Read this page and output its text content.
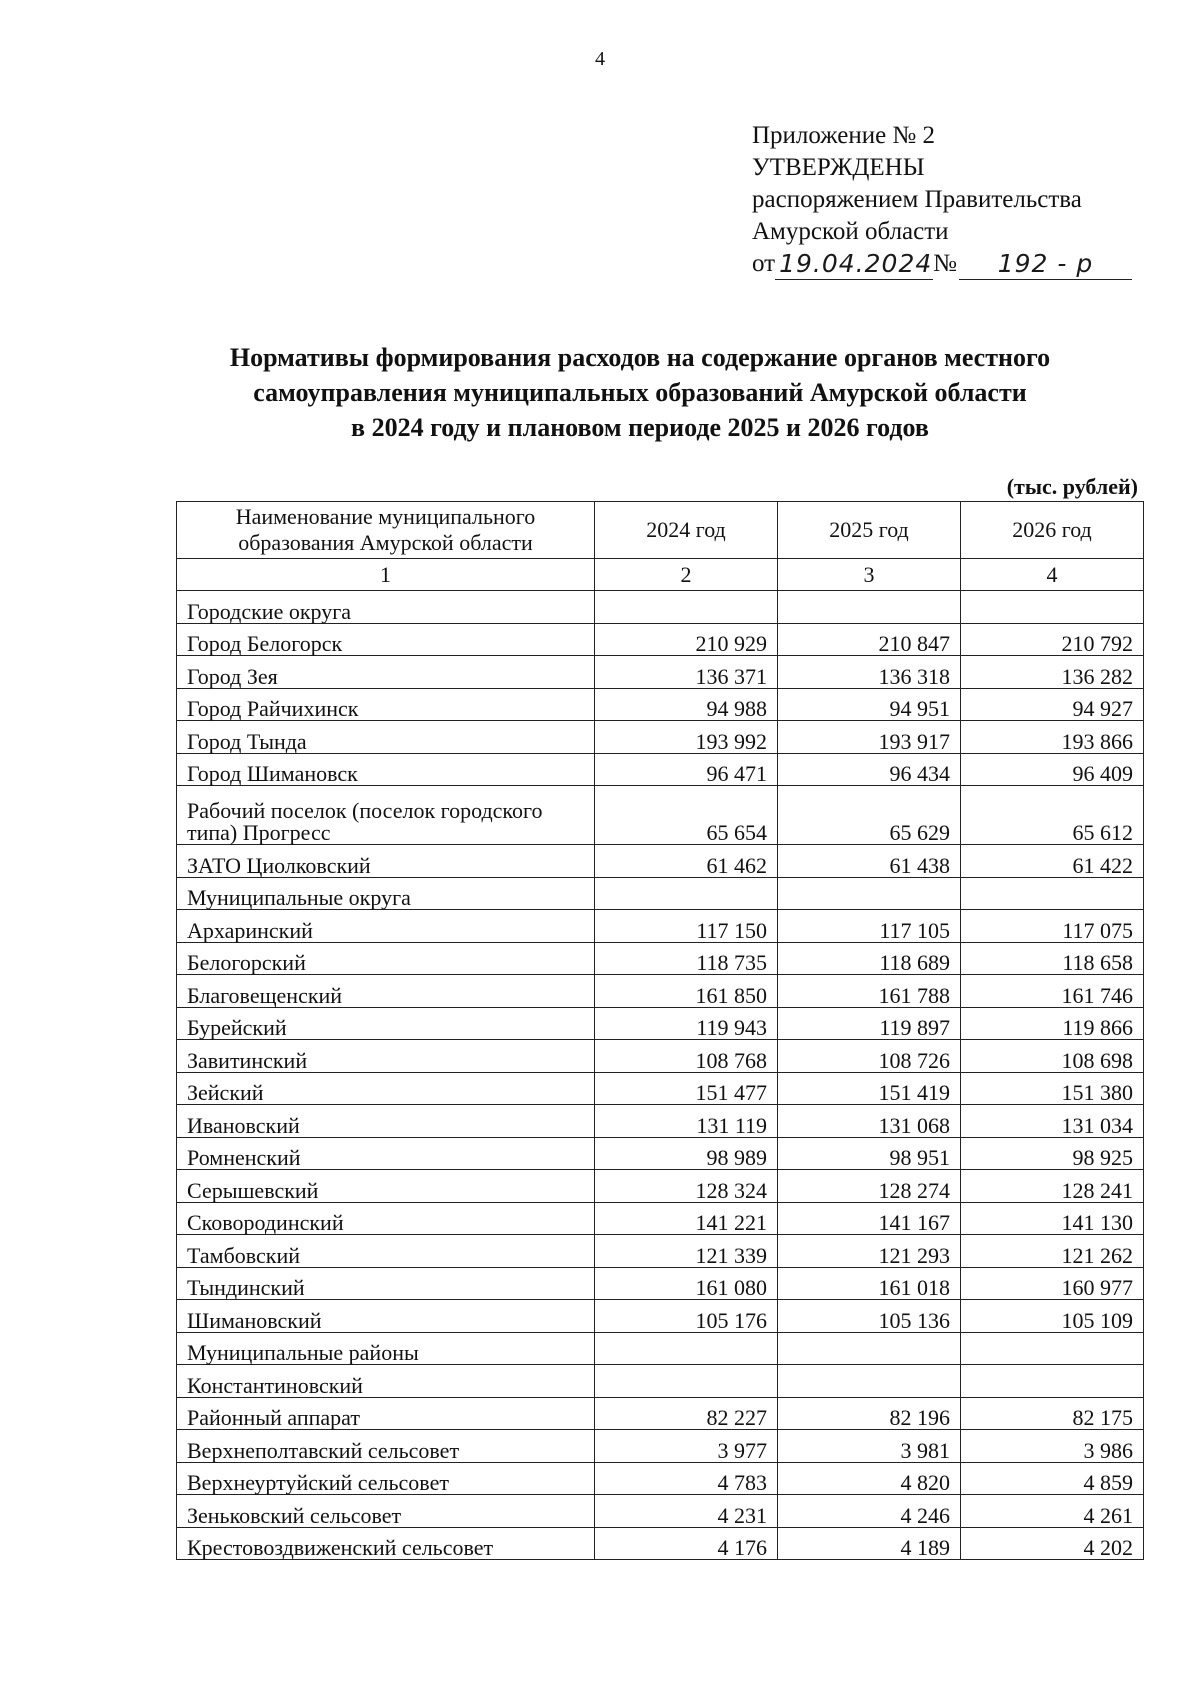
4
Приложение № 2
УТВЕРЖДЕНЫ
распоряжением Правительства
Амурской области
от 19.04.2024 №	192 - р
Нормативы формирования расходов на содержание органов местного
самоуправления муниципальных образований Амурской области
в 2024 году и плановом периоде 2025 и 2026 годов
(тыс. рублей)
Наименование муниципального образования Амурской области	2024 год	2025 год	2026 год
1	2	3	4
Городские округа			
Город Белогорск	210 929	210 847	210 792
Город Зея	136 371	136 318	136 282
Город Райчихинск	94 988	94 951	94 927
Город Тында	193 992	193 917	193 866
Город Шимановск	96 471	96 434	96 409
Рабочий поселок (поселок городского типа) Прогресс	65 654	65 629	65 612
ЗАТО Циолковский	61 462	61 438	61 422
Муниципальные округа			
Архаринский	117 150	117 105	117 075
Белогорский	118 735	118 689	118 658
Благовещенский	161 850	161 788	161 746
Бурейский	119 943	119 897	119 866
Завитинский	108 768	108 726	108 698
Зейский	151 477	151 419	151 380
Ивановский	131 119	131 068	131 034
Ромненский	98 989	98 951	98 925
Серышевский	128 324	128 274	128 241
Сковородинский	141 221	141 167	141 130
Тамбовский	121 339	121 293	121 262
Тындинский	161 080	161 018	160 977
Шимановский	105 176	105 136	105 109
Муниципальные районы			
Константиновский			
Районный аппарат	82 227	82 196	82 175
Верхнеполтавский сельсовет	3 977	3 981	3 986
Верхнеуртуйский сельсовет	4 783	4 820	4 859
Зеньковский сельсовет	4 231	4 246	4 261
Крестовоздвиженский сельсовет	4 176	4 189	4 202
